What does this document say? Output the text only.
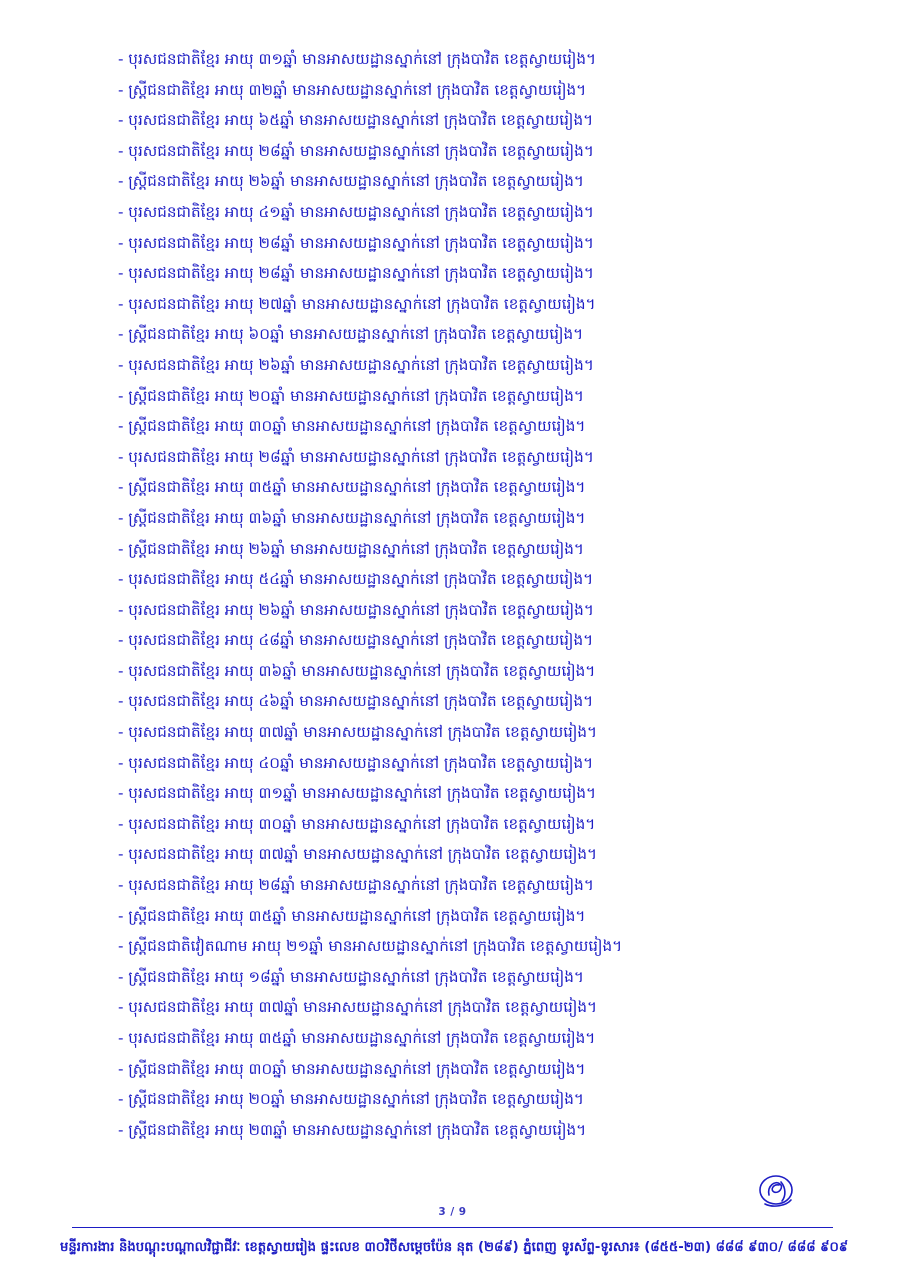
- បុរសជនជាតិខ្មែរ អាយុ ៣១ឆ្នាំ មានអាសយដ្ឋានស្នាក់នៅ ក្រុងបាវិត ខេត្តស្វាយរៀង។
- ស្ត្រីជនជាតិខ្មែរ អាយុ ៣២ឆ្នាំ មានអាសយដ្ឋានស្នាក់នៅ ក្រុងបាវិត ខេត្តស្វាយរៀង។
- បុរសជនជាតិខ្មែរ អាយុ ៦៥ឆ្នាំ មានអាសយដ្ឋានស្នាក់នៅ ក្រុងបាវិត ខេត្តស្វាយរៀង។
- បុរសជនជាតិខ្មែរ អាយុ ២៨ឆ្នាំ មានអាសយដ្ឋានស្នាក់នៅ ក្រុងបាវិត ខេត្តស្វាយរៀង។
- ស្ត្រីជនជាតិខ្មែរ អាយុ ២៦ឆ្នាំ មានអាសយដ្ឋានស្នាក់នៅ ក្រុងបាវិត ខេត្តស្វាយរៀង។
- បុរសជនជាតិខ្មែរ អាយុ ៤១ឆ្នាំ មានអាសយដ្ឋានស្នាក់នៅ ក្រុងបាវិត ខេត្តស្វាយរៀង។
- បុរសជនជាតិខ្មែរ អាយុ ២៨ឆ្នាំ មានអាសយដ្ឋានស្នាក់នៅ ក្រុងបាវិត ខេត្តស្វាយរៀង។
- បុរសជនជាតិខ្មែរ អាយុ ២៨ឆ្នាំ មានអាសយដ្ឋានស្នាក់នៅ ក្រុងបាវិត ខេត្តស្វាយរៀង។
- បុរសជនជាតិខ្មែរ អាយុ ២៧ឆ្នាំ មានអាសយដ្ឋានស្នាក់នៅ ក្រុងបាវិត ខេត្តស្វាយរៀង។
- ស្ត្រីជនជាតិខ្មែរ អាយុ ៦០ឆ្នាំ មានអាសយដ្ឋានស្នាក់នៅ ក្រុងបាវិត ខេត្តស្វាយរៀង។
- បុរសជនជាតិខ្មែរ អាយុ ២៦ឆ្នាំ មានអាសយដ្ឋានស្នាក់នៅ ក្រុងបាវិត ខេត្តស្វាយរៀង។
- ស្ត្រីជនជាតិខ្មែរ អាយុ ២០ឆ្នាំ មានអាសយដ្ឋានស្នាក់នៅ ក្រុងបាវិត ខេត្តស្វាយរៀង។
- ស្ត្រីជនជាតិខ្មែរ អាយុ ៣០ឆ្នាំ មានអាសយដ្ឋានស្នាក់នៅ ក្រុងបាវិត ខេត្តស្វាយរៀង។
- បុរសជនជាតិខ្មែរ អាយុ ២៨ឆ្នាំ មានអាសយដ្ឋានស្នាក់នៅ ក្រុងបាវិត ខេត្តស្វាយរៀង។
- ស្ត្រីជនជាតិខ្មែរ អាយុ ៣៥ឆ្នាំ មានអាសយដ្ឋានស្នាក់នៅ ក្រុងបាវិត ខេត្តស្វាយរៀង។
- ស្ត្រីជនជាតិខ្មែរ អាយុ ៣៦ឆ្នាំ មានអាសយដ្ឋានស្នាក់នៅ ក្រុងបាវិត ខេត្តស្វាយរៀង។
- ស្ត្រីជនជាតិខ្មែរ អាយុ ២៦ឆ្នាំ មានអាសយដ្ឋានស្នាក់នៅ ក្រុងបាវិត ខេត្តស្វាយរៀង។
- បុរសជនជាតិខ្មែរ អាយុ ៥៤ឆ្នាំ មានអាសយដ្ឋានស្នាក់នៅ ក្រុងបាវិត ខេត្តស្វាយរៀង។
- បុរសជនជាតិខ្មែរ អាយុ ២៦ឆ្នាំ មានអាសយដ្ឋានស្នាក់នៅ ក្រុងបាវិត ខេត្តស្វាយរៀង។
- បុរសជនជាតិខ្មែរ អាយុ ៤៨ឆ្នាំ មានអាសយដ្ឋានស្នាក់នៅ ក្រុងបាវិត ខេត្តស្វាយរៀង។
- បុរសជនជាតិខ្មែរ អាយុ ៣៦ឆ្នាំ មានអាសយដ្ឋានស្នាក់នៅ ក្រុងបាវិត ខេត្តស្វាយរៀង។
- បុរសជនជាតិខ្មែរ អាយុ ៤៦ឆ្នាំ មានអាសយដ្ឋានស្នាក់នៅ ក្រុងបាវិត ខេត្តស្វាយរៀង។
- បុរសជនជាតិខ្មែរ អាយុ ៣៧ឆ្នាំ មានអាសយដ្ឋានស្នាក់នៅ ក្រុងបាវិត ខេត្តស្វាយរៀង។
- បុរសជនជាតិខ្មែរ អាយុ ៤០ឆ្នាំ មានអាសយដ្ឋានស្នាក់នៅ ក្រុងបាវិត ខេត្តស្វាយរៀង។
- បុរសជនជាតិខ្មែរ អាយុ ៣១ឆ្នាំ មានអាសយដ្ឋានស្នាក់នៅ ក្រុងបាវិត ខេត្តស្វាយរៀង។
- បុរសជនជាតិខ្មែរ អាយុ ៣០ឆ្នាំ មានអាសយដ្ឋានស្នាក់នៅ ក្រុងបាវិត ខេត្តស្វាយរៀង។
- បុរសជនជាតិខ្មែរ អាយុ ៣៧ឆ្នាំ មានអាសយដ្ឋានស្នាក់នៅ ក្រុងបាវិត ខេត្តស្វាយរៀង។
- បុរសជនជាតិខ្មែរ អាយុ ២៨ឆ្នាំ មានអាសយដ្ឋានស្នាក់នៅ ក្រុងបាវិត ខេត្តស្វាយរៀង។
- ស្ត្រីជនជាតិខ្មែរ អាយុ ៣៥ឆ្នាំ មានអាសយដ្ឋានស្នាក់នៅ ក្រុងបាវិត ខេត្តស្វាយរៀង។
- ស្ត្រីជនជាតិវៀតណាម អាយុ ២១ឆ្នាំ មានអាសយដ្ឋានស្នាក់នៅ ក្រុងបាវិត ខេត្តស្វាយរៀង។
- ស្ត្រីជនជាតិខ្មែរ អាយុ ១៨ឆ្នាំ មានអាសយដ្ឋានស្នាក់នៅ ក្រុងបាវិត ខេត្តស្វាយរៀង។
- បុរសជនជាតិខ្មែរ អាយុ ៣៧ឆ្នាំ មានអាសយដ្ឋានស្នាក់នៅ ក្រុងបាវិត ខេត្តស្វាយរៀង។
- បុរសជនជាតិខ្មែរ អាយុ ៣៥ឆ្នាំ មានអាសយដ្ឋានស្នាក់នៅ ក្រុងបាវិត ខេត្តស្វាយរៀង។
- ស្ត្រីជនជាតិខ្មែរ អាយុ ៣០ឆ្នាំ មានអាសយដ្ឋានស្នាក់នៅ ក្រុងបាវិត ខេត្តស្វាយរៀង។
- ស្ត្រីជនជាតិខ្មែរ អាយុ ២០ឆ្នាំ មានអាសយដ្ឋានស្នាក់នៅ ក្រុងបាវិត ខេត្តស្វាយរៀង។
- ស្ត្រីជនជាតិខ្មែរ អាយុ ២៣ឆ្នាំ មានអាសយដ្ឋានស្នាក់នៅ ក្រុងបាវិត ខេត្តស្វាយរៀង។
3 / 9
មន្ទីរការងារ និងបណ្តុះបណ្តាលវិជ្ជាជីវៈ ខេត្តស្វាយរៀង ផ្ទះលេខ ៣០វិថីសម្តេចប៉ែន នុត (២៨៩) ភ្នំពេញ ទូរស័ព្ទ-ទូរសារ៖ (៨៥៥-២៣) ៨៨៨ ៩៣០/ ៨៨៨ ៩០៩
